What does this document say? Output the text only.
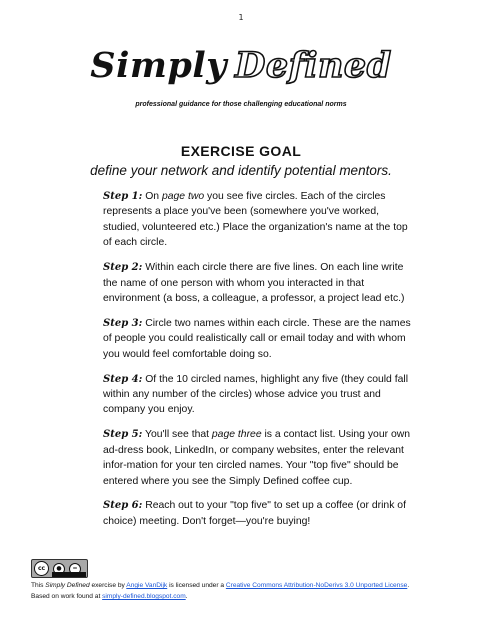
1
Simply Defined
professional guidance for those challenging educational norms
EXERCISE GOAL
define your network and identify potential mentors.

Step 1: On page two you see five circles. Each of the circles represents a place you've been (somewhere you've worked, studied, volunteered etc.) Place the organization's name at the top of each circle.

Step 2: Within each circle there are five lines. On each line write the name of one person with whom you interacted in that environment (a boss, a colleague, a professor, a project lead etc.)

Step 3: Circle two names within each circle. These are the names of people you could realistically call or email today and with whom you would feel comfortable doing so.

Step 4: Of the 10 circled names, highlight any five (they could fall within any number of the circles) whose advice you trust and company you enjoy.

Step 5: You'll see that page three is a contact list. Using your own ad-dress book, LinkedIn, or company websites, enter the relevant infor-mation for your ten circled names. Your "top five" should be entered where you see the Simply Defined coffee cup.

Step 6: Reach out to your "top five" to set up a coffee (or drink of choice) meeting. Don't forget—you're buying!

cc	●	=
This Simply Defined exercise by Angie VanDijk is licensed under a Creative Commons Attribution-NoDerivs 3.0 Unported License.
Based on work found at simply-defined.blogspot.com.
